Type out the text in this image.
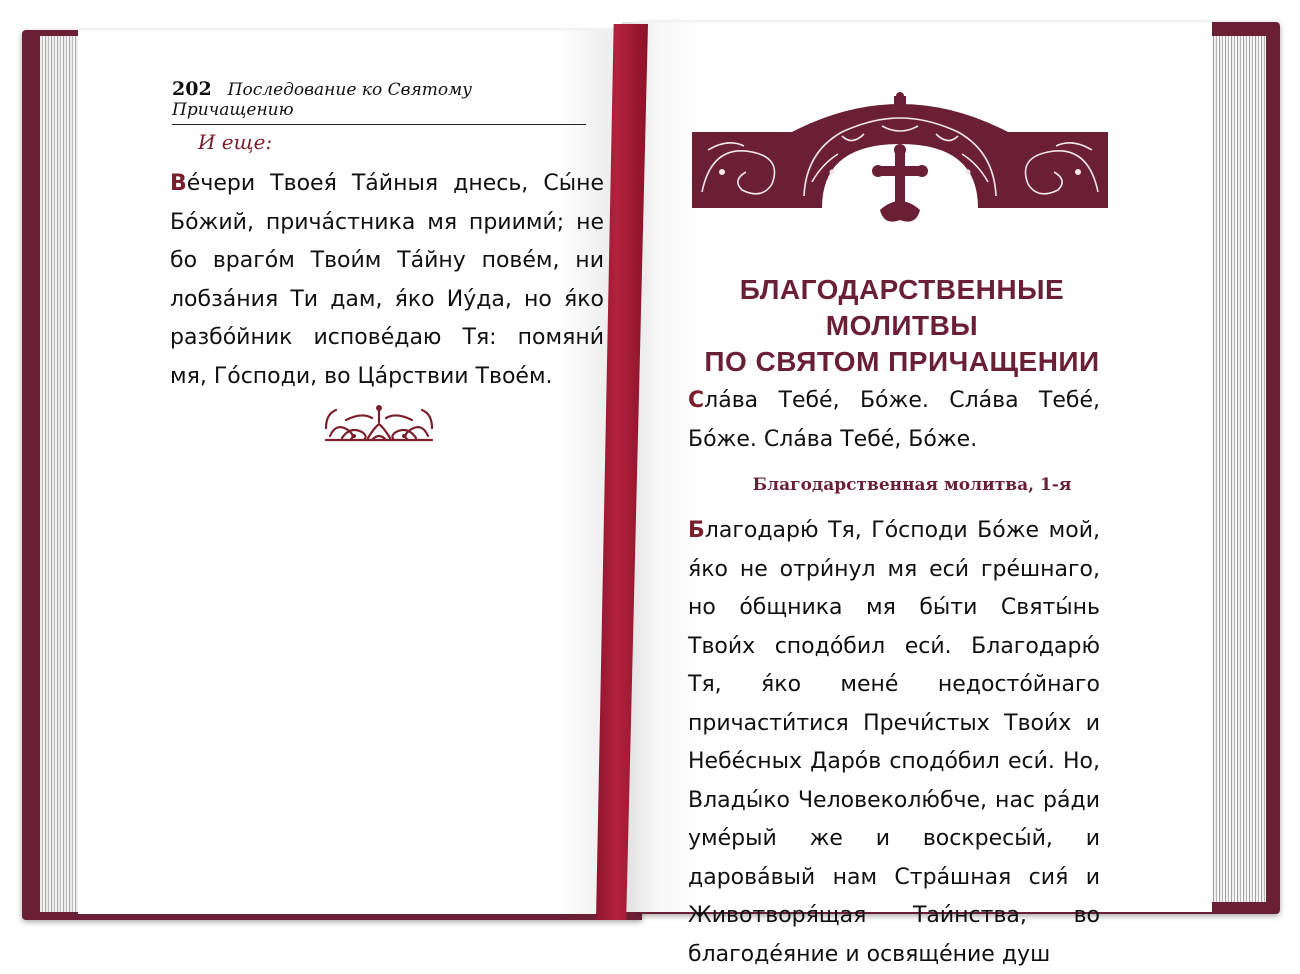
202 Последование ко Святому Причащению
И еще:

Ве́чери Твоея́ Та́йныя днесь, Сы́не Бо́жий, прича́стника мя приими́; не бо враго́м Твои́м Та́йну пове́м, ни лобза́ния Ти дам, я́ко Иу́да, но я́ко разбо́йник испове́даю Тя: помяни́ мя, Го́споди, во Ца́рствии Твое́м.

БЛАГОДАРСТВЕННЫЕ МОЛИТВЫ
ПО СВЯТОМ ПРИЧАЩЕНИИ

Сла́ва Тебе́, Бо́же. Сла́ва Тебе́, Бо́же. Сла́ва Тебе́, Бо́же.

Благодарственная молитва, 1-я

Благодарю́ Тя, Го́споди Бо́же мой, я́ко не отри́нул мя еси́ гре́шнаго, но о́бщника мя бы́ти Святы́нь Твои́х сподо́бил еси́. Благодарю́ Тя, я́ко мене́ недосто́йнаго причасти́тися Пречи́стых Твои́х и Небе́сных Даро́в сподо́бил еси́. Но, Влады́ко Человеколю́бче, нас ра́ди уме́рый же и воскресы́й, и дарова́вый нам Стра́шная сия́ и Животворя́щая Таи́нства, во благоде́яние и освяще́ние душ
